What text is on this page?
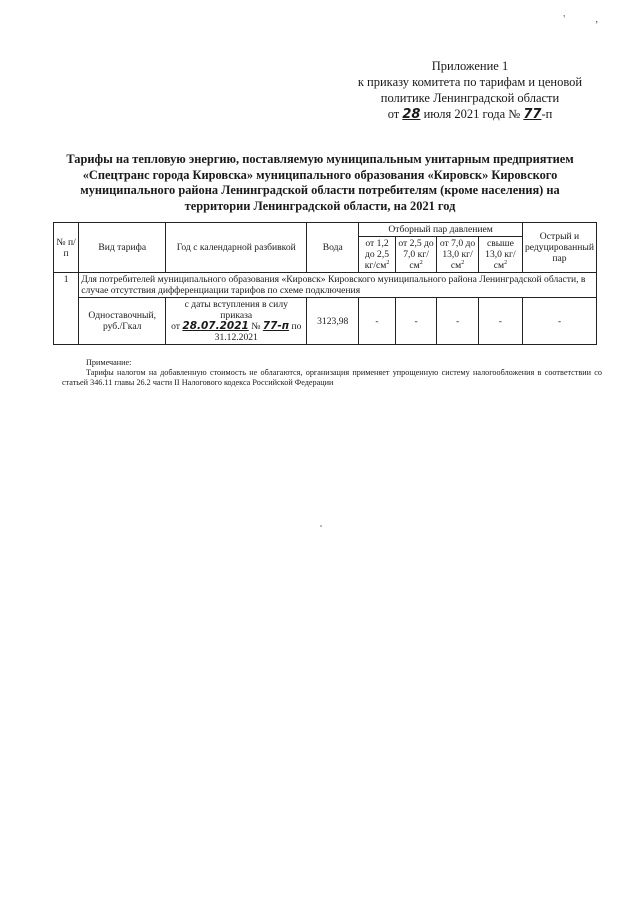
' ,
Приложение 1
к приказу комитета по тарифам и ценовой
политике Ленинградской области
от 28 июля 2021 года № 77-п
Тарифы на тепловую энергию, поставляемую муниципальным унитарным предприятием
«Спецтранс города Кировска» муниципального образования «Кировск» Кировского
муниципального района Ленинградской области потребителям (кроме населения) на
территории Ленинградской области, на 2021 год
№ п/п	Вид тарифа	Год с календарной разбивкой	Вода	Отборный пар давлением				Острый и редуцированный пар
				от 1,2 до 2,5 $кг/см^2$	от 2,5 до 7,0 $кг/см^2$	от 7,0 до 13,0 $кг/см^2$	свыше 13,0 $кг/см^2$
1	Для потребителей муниципального образования «Кировск» Кировского муниципального района Ленинградской области, в случае отсутствия дифференциации тарифов по схеме подключения							
	Одноставочный, руб./Гкал	с даты вступления в силу приказа
от 28.07.2021 № 77-п по
31.12.2021	3123,98	-	-	-	-	-
Примечание:
Тарифы налогом на добавленную стоимость не облагаются, организация применяет упрощенную систему налогообложения в соответствии со статьей 346.11 главы 26.2 части II Налогового кодекса Российской Федерации
